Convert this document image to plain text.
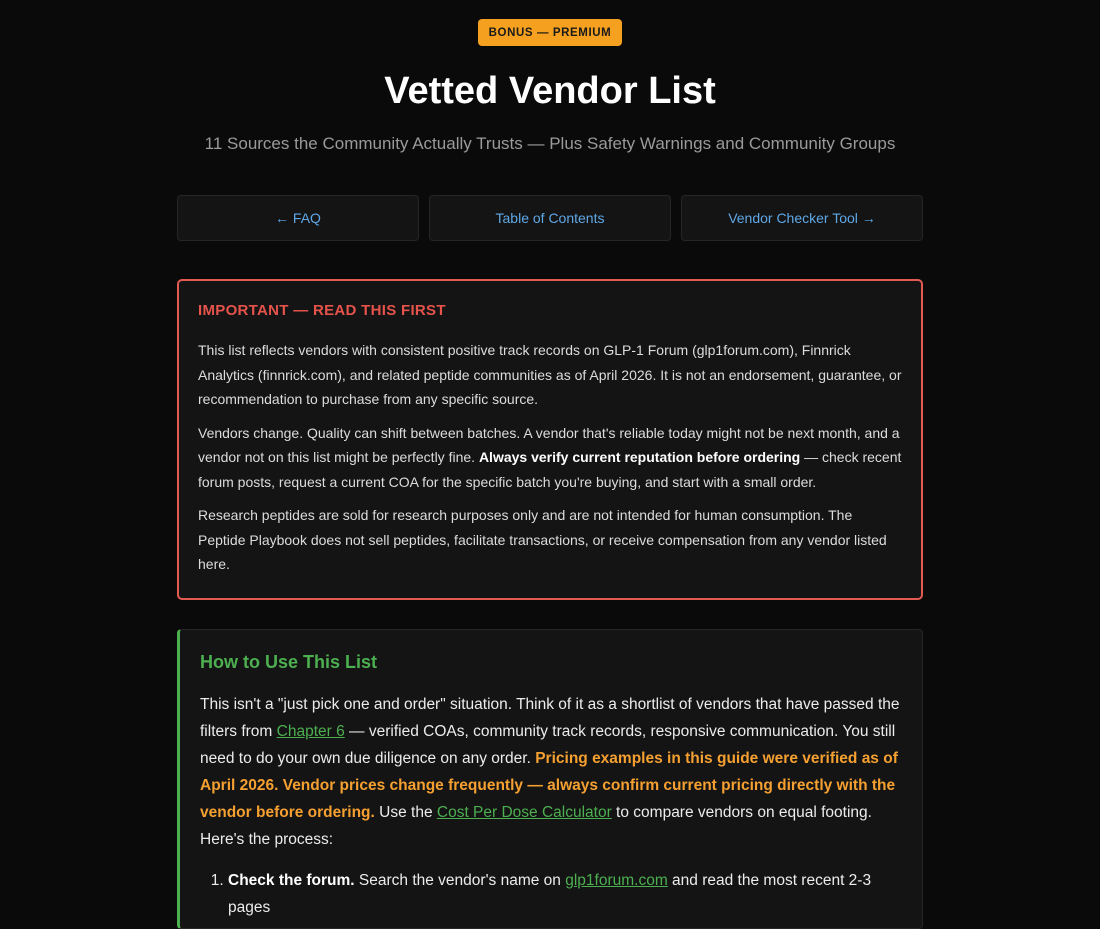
BONUS — PREMIUM
Vetted Vendor List
11 Sources the Community Actually Trusts — Plus Safety Warnings and Community Groups
← FAQ	Table of Contents	Vendor Checker Tool →
IMPORTANT — READ THIS FIRST

This list reflects vendors with consistent positive track records on GLP-1 Forum (glp1forum.com), Finnrick Analytics (finnrick.com), and related peptide communities as of April 2026. It is not an endorsement, guarantee, or recommendation to purchase from any specific source.

Vendors change. Quality can shift between batches. A vendor that's reliable today might not be next month, and a vendor not on this list might be perfectly fine. Always verify current reputation before ordering — check recent forum posts, request a current COA for the specific batch you're buying, and start with a small order.

Research peptides are sold for research purposes only and are not intended for human consumption. The Peptide Playbook does not sell peptides, facilitate transactions, or receive compensation from any vendor listed here.

How to Use This List

This isn't a "just pick one and order" situation. Think of it as a shortlist of vendors that have passed the filters from Chapter 6 — verified COAs, community track records, responsive communication. You still need to do your own due diligence on any order. Pricing examples in this guide were verified as of April 2026. Vendor prices change frequently — always confirm current pricing directly with the vendor before ordering. Use the Cost Per Dose Calculator to compare vendors on equal footing. Here's the process:

1. Check the forum. Search the vendor's name on glp1forum.com and read the most recent 2-3 pages
